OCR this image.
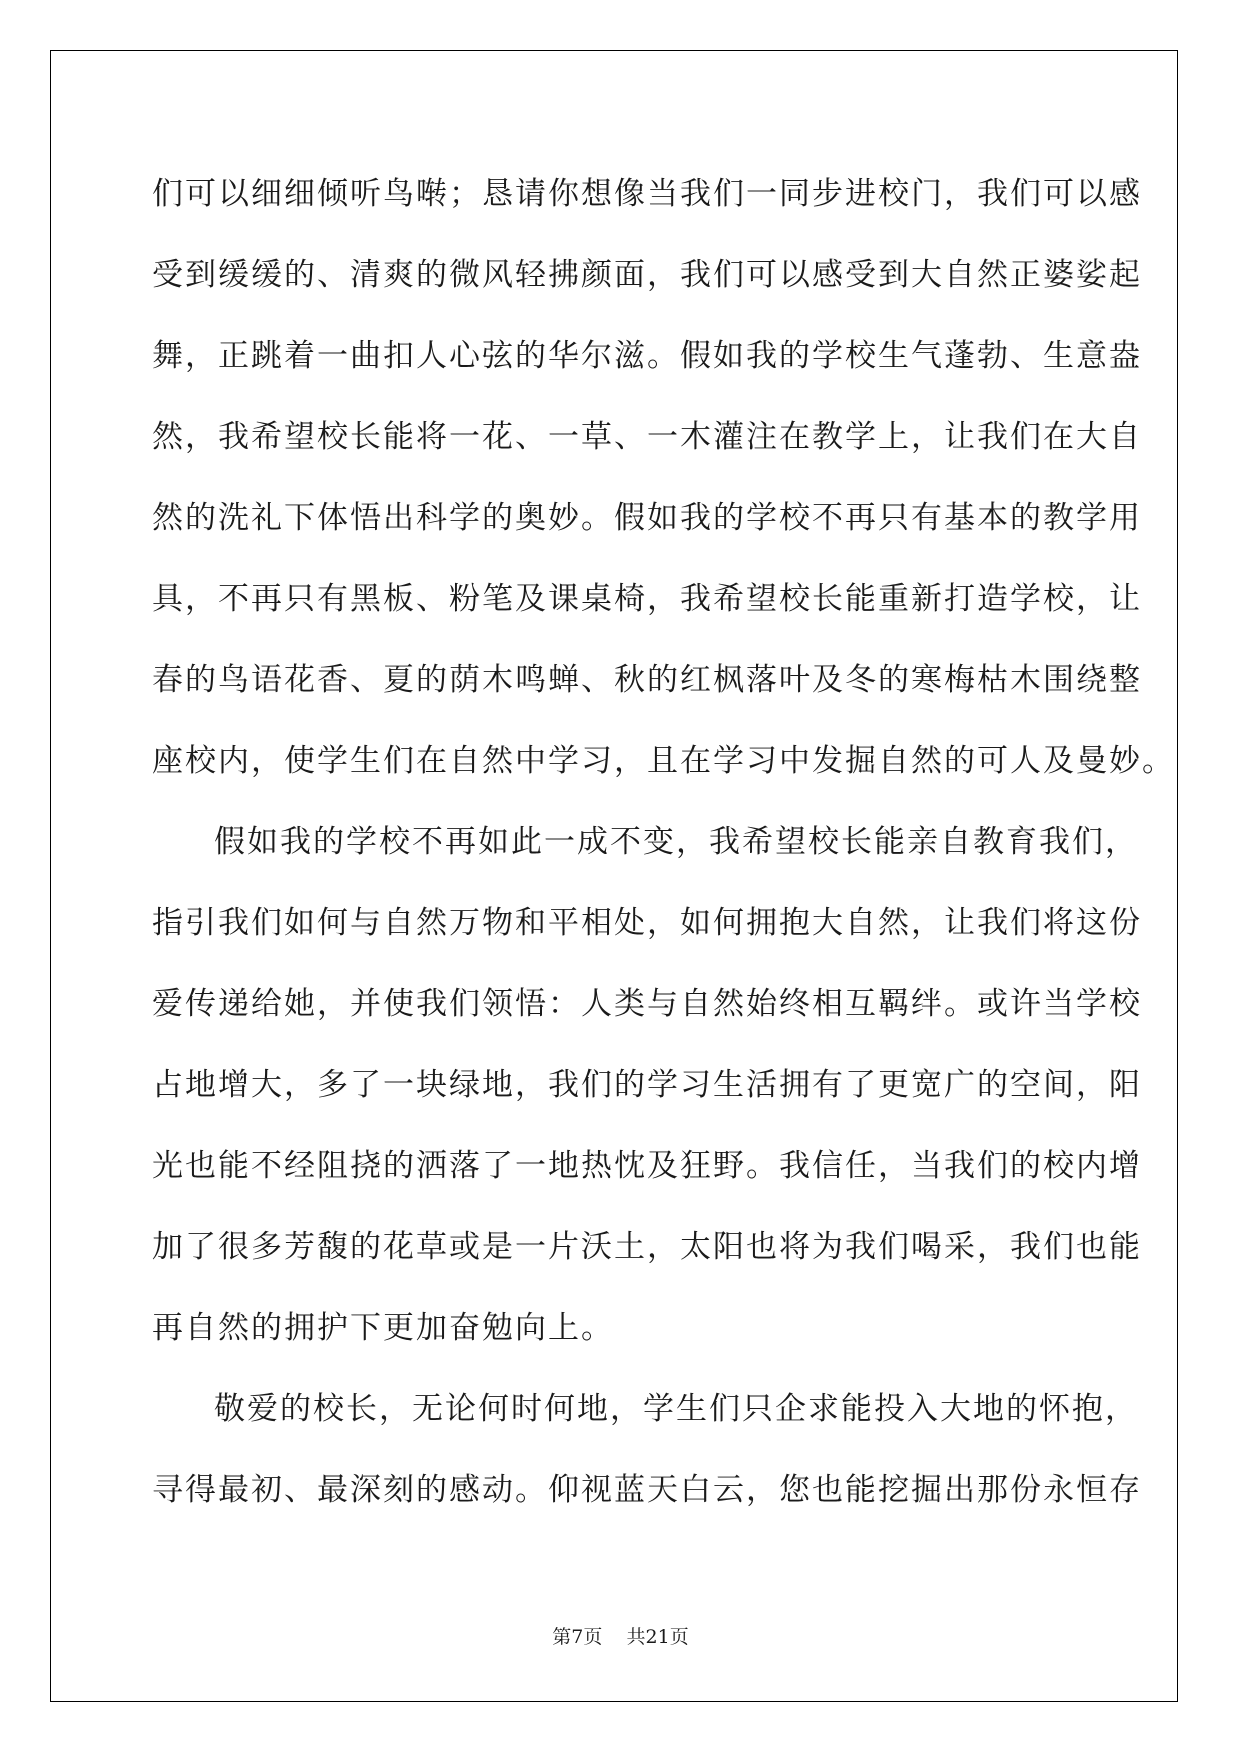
们可以细细倾听鸟啭；恳请你想像当我们一同步进校门，我们可以感
受到缓缓的、清爽的微风轻拂颜面，我们可以感受到大自然正婆娑起
舞，正跳着一曲扣人心弦的华尔滋。假如我的学校生气蓬勃、生意盎
然，我希望校长能将一花、一草、一木灌注在教学上，让我们在大自
然的洗礼下体悟出科学的奥妙。假如我的学校不再只有基本的教学用
具，不再只有黑板、粉笔及课桌椅，我希望校长能重新打造学校，让
春的鸟语花香、夏的荫木鸣蝉、秋的红枫落叶及冬的寒梅枯木围绕整
座校内，使学生们在自然中学习，且在学习中发掘自然的可人及曼妙。
假如我的学校不再如此一成不变，我希望校长能亲自教育我们，
指引我们如何与自然万物和平相处，如何拥抱大自然，让我们将这份
爱传递给她，并使我们领悟：人类与自然始终相互羁绊。或许当学校
占地增大，多了一块绿地，我们的学习生活拥有了更宽广的空间，阳
光也能不经阻挠的洒落了一地热忱及狂野。我信任，当我们的校内增
加了很多芳馥的花草或是一片沃土，太阳也将为我们喝采，我们也能
再自然的拥护下更加奋勉向上。
敬爱的校长，无论何时何地，学生们只企求能投入大地的怀抱，
寻得最初、最深刻的感动。仰视蓝天白云，您也能挖掘出那份永恒存
第7页 共21页
